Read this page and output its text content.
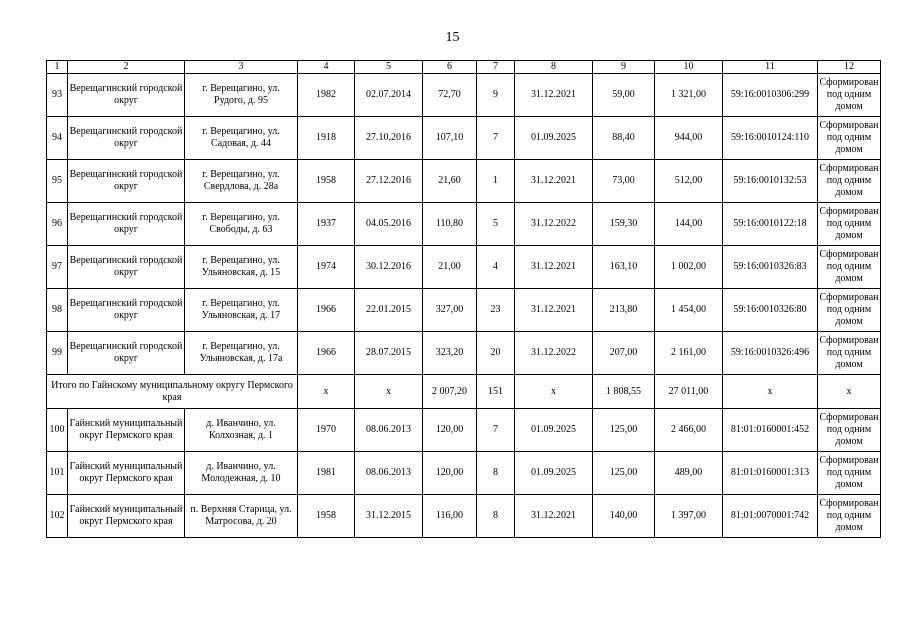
15
1	2	3	4	5	6	7	8	9	10	11	12
93	Верещагинский городской округ	г. Верещагино, ул. Рудого, д. 95	1982	02.07.2014	72,70	9	31.12.2021	59,00	1 321,00	59:16:0010306:299	Сформирован под одним домом
94	Верещагинский городской округ	г. Верещагино, ул. Садовая, д. 44	1918	27.10.2016	107,10	7	01.09.2025	88,40	944,00	59:16:0010124:110	Сформирован под одним домом
95	Верещагинский городской округ	г. Верещагино, ул. Свердлова, д. 28а	1958	27.12.2016	21,60	1	31.12.2021	73,00	512,00	59:16:0010132:53	Сформирован под одним домом
96	Верещагинский городской округ	г. Верещагино, ул. Свободы, д. 63	1937	04.05.2016	110,80	5	31.12.2022	159,30	144,00	59:16:0010122:18	Сформирован под одним домом
97	Верещагинский городской округ	г. Верещагино, ул. Ульяновская, д. 15	1974	30.12.2016	21,00	4	31.12.2021	163,10	1 002,00	59:16:0010326:83	Сформирован под одним домом
98	Верещагинский городской округ	г. Верещагино, ул. Ульяновская, д. 17	1966	22.01.2015	327,00	23	31.12.2021	213,80	1 454,00	59:16:0010326:80	Сформирован под одним домом
99	Верещагинский городской округ	г. Верещагино, ул. Ульяновская, д. 17а	1966	28.07.2015	323,20	20	31.12.2022	207,00	2 161,00	59:16:0010326:496	Сформирован под одним домом
Итого по Гайнскому муниципальному округу Пермского края			x	x	2 007,20	151	x	1 808,55	27 011,00	x	x
100	Гайнский муниципальный округ Пермского края	д. Иванчино, ул. Колхозная, д. 1	1970	08.06.2013	120,00	7	01.09.2025	125,00	2 466,00	81:01:0160001:452	Сформирован под одним домом
101	Гайнский муниципальный округ Пермского края	д. Иванчино, ул. Молодежная, д. 10	1981	08.06.2013	120,00	8	01.09.2025	125,00	489,00	81:01:0160001:313	Сформирован под одним домом
102	Гайнский муниципальный округ Пермского края	п. Верхняя Старица, ул. Матросова, д. 20	1958	31.12.2015	116,00	8	31.12.2021	140,00	1 397,00	81:01:0070001:742	Сформирован под одним домом
